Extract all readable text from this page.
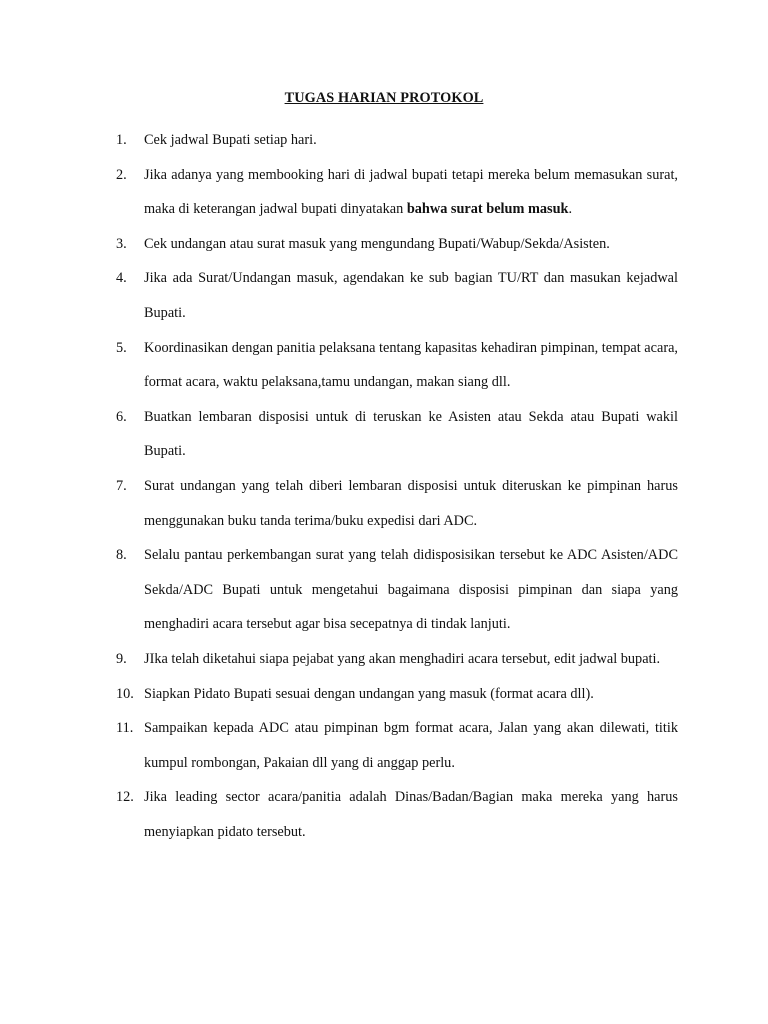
TUGAS HARIAN PROTOKOL
1.	Cek jadwal Bupati setiap hari.
2.	Jika adanya yang membooking hari di jadwal bupati tetapi mereka belum memasukan surat, maka di keterangan jadwal bupati dinyatakan bahwa surat belum masuk.
3.	Cek undangan atau surat masuk yang mengundang Bupati/Wabup/Sekda/Asisten.
4.	Jika ada Surat/Undangan masuk, agendakan ke sub bagian TU/RT dan masukan kejadwal Bupati.
5.	Koordinasikan dengan panitia pelaksana tentang kapasitas kehadiran pimpinan, tempat acara, format acara, waktu pelaksana,tamu undangan, makan siang dll.
6.	Buatkan lembaran disposisi untuk di teruskan ke Asisten atau Sekda atau Bupati wakil Bupati.
7.	Surat undangan yang telah diberi lembaran disposisi untuk diteruskan ke pimpinan harus menggunakan buku tanda terima/buku expedisi dari ADC.
8.	Selalu pantau perkembangan surat yang telah didisposisikan tersebut ke ADC Asisten/ADC Sekda/ADC Bupati untuk mengetahui bagaimana disposisi pimpinan dan siapa yang menghadiri acara tersebut agar bisa secepatnya di tindak lanjuti.
9.	JIka telah diketahui siapa pejabat yang akan menghadiri acara tersebut, edit jadwal bupati.
10. Siapkan Pidato Bupati sesuai dengan undangan yang masuk (format acara dll).
11. Sampaikan kepada ADC atau pimpinan bgm format acara, Jalan yang akan dilewati, titik kumpul rombongan, Pakaian dll yang di anggap perlu.
12. Jika leading sector acara/panitia adalah Dinas/Badan/Bagian maka mereka yang harus menyiapkan pidato tersebut.
